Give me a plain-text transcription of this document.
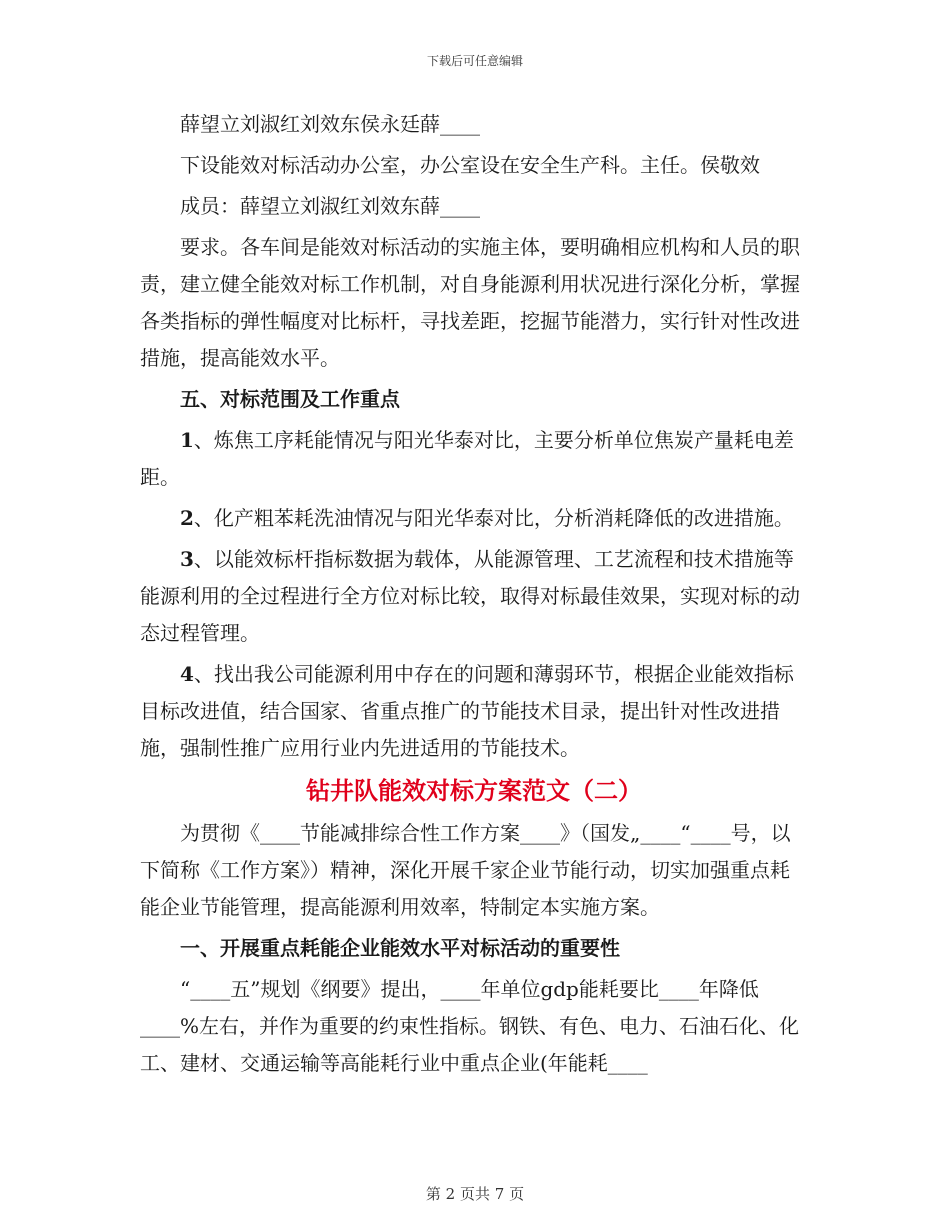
下载后可任意编辑

薛望立刘淑红刘效东侯永廷薛____

下设能效对标活动办公室，办公室设在安全生产科。主任。侯敬效

成员：薛望立刘淑红刘效东薛____

要求。各车间是能效对标活动的实施主体，要明确相应机构和人员的职责，建立健全能效对标工作机制，对自身能源利用状况进行深化分析，掌握各类指标的弹性幅度对比标杆，寻找差距，挖掘节能潜力，实行针对性改进措施，提高能效水平。

五、对标范围及工作重点

1、炼焦工序耗能情况与阳光华泰对比，主要分析单位焦炭产量耗电差距。

2、化产粗苯耗洗油情况与阳光华泰对比，分析消耗降低的改进措施。

3、以能效标杆指标数据为载体，从能源管理、工艺流程和技术措施等能源利用的全过程进行全方位对标比较，取得对标最佳效果，实现对标的动态过程管理。

4、找出我公司能源利用中存在的问题和薄弱环节，根据企业能效指标目标改进值，结合国家、省重点推广的节能技术目录，提出针对性改进措施，强制性推广应用行业内先进适用的节能技术。

钻井队能效对标方案范文（二）

为贯彻《____节能减排综合性工作方案____》（国发„____“____号，以下简称《工作方案》）精神，深化开展千家企业节能行动，切实加强重点耗能企业节能管理，提高能源利用效率，特制定本实施方案。

一、开展重点耗能企业能效水平对标活动的重要性

“____五”规划《纲要》提出，____年单位gdp能耗要比____年降低____%左右，并作为重要的约束性指标。钢铁、有色、电力、石油石化、化工、建材、交通运输等高能耗行业中重点企业(年能耗____

第 2 页共 7 页
